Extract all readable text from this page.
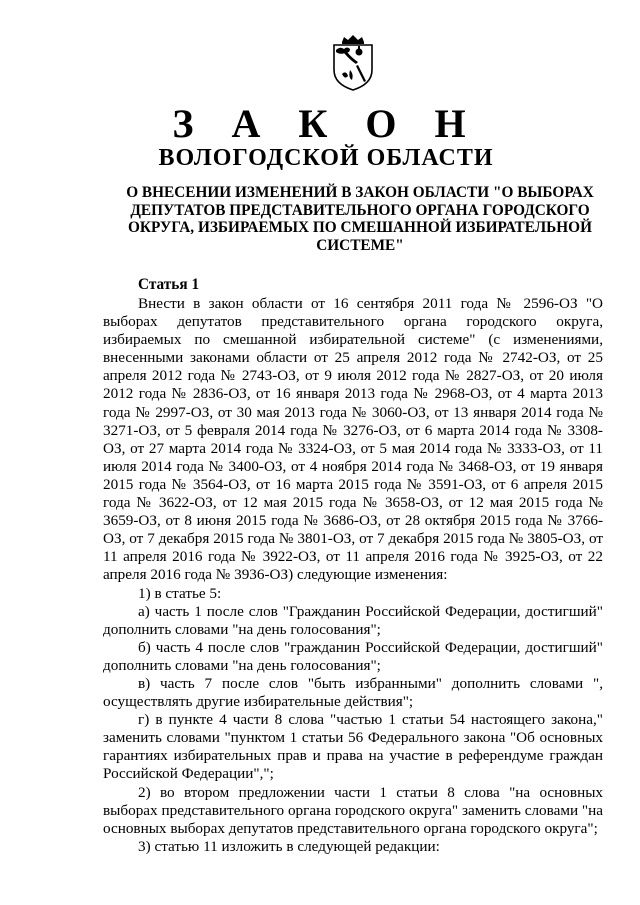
З А К О Н
ВОЛОГОДСКОЙ ОБЛАСТИ
О ВНЕСЕНИИ ИЗМЕНЕНИЙ В ЗАКОН ОБЛАСТИ "О ВЫБОРАХ ДЕПУТАТОВ ПРЕДСТАВИТЕЛЬНОГО ОРГАНА ГОРОДСКОГО ОКРУГА, ИЗБИРАЕМЫХ ПО СМЕШАННОЙ ИЗБИРАТЕЛЬНОЙ СИСТЕМЕ"
Статья 1

Внести в закон области от 16 сентября 2011 года № 2596-ОЗ "О выборах депутатов представительного органа городского округа, избираемых по смешанной избирательной системе" (с изменениями, внесенными законами области от 25 апреля 2012 года № 2742-ОЗ, от 25 апреля 2012 года № 2743-ОЗ, от 9 июля 2012 года № 2827-ОЗ, от 20 июля 2012 года № 2836-ОЗ, от 16 января 2013 года № 2968-ОЗ, от 4 марта 2013 года № 2997-ОЗ, от 30 мая 2013 года № 3060-ОЗ, от 13 января 2014 года № 3271-ОЗ, от 5 февраля 2014 года № 3276-ОЗ, от 6 марта 2014 года № 3308-ОЗ, от 27 марта 2014 года № 3324-ОЗ, от 5 мая 2014 года № 3333-ОЗ, от 11 июля 2014 года № 3400-ОЗ, от 4 ноября 2014 года № 3468-ОЗ, от 19 января 2015 года № 3564-ОЗ, от 16 марта 2015 года № 3591-ОЗ, от 6 апреля 2015 года № 3622-ОЗ, от 12 мая 2015 года № 3658-ОЗ, от 12 мая 2015 года № 3659-ОЗ, от 8 июня 2015 года № 3686-ОЗ, от 28 октября 2015 года № 3766-ОЗ, от 7 декабря 2015 года № 3801-ОЗ, от 7 декабря 2015 года № 3805-ОЗ, от 11 апреля 2016 года № 3922-ОЗ, от 11 апреля 2016 года № 3925-ОЗ, от 22 апреля 2016 года № 3936-ОЗ) следующие изменения:

1) в статье 5:

а) часть 1 после слов "Гражданин Российской Федерации, достигший" дополнить словами "на день голосования";

б) часть 4 после слов "гражданин Российской Федерации, достигший" дополнить словами "на день голосования";

в) часть 7 после слов "быть избранными" дополнить словами ", осуществлять другие избирательные действия";

г) в пункте 4 части 8 слова "частью 1 статьи 54 настоящего закона," заменить словами "пунктом 1 статьи 56 Федерального закона "Об основных гарантиях избирательных прав и права на участие в референдуме граждан Российской Федерации",";

2) во втором предложении части 1 статьи 8 слова "на основных выборах представительного органа городского округа" заменить словами "на основных выборах депутатов представительного органа городского округа";

3) статью 11 изложить в следующей редакции:
